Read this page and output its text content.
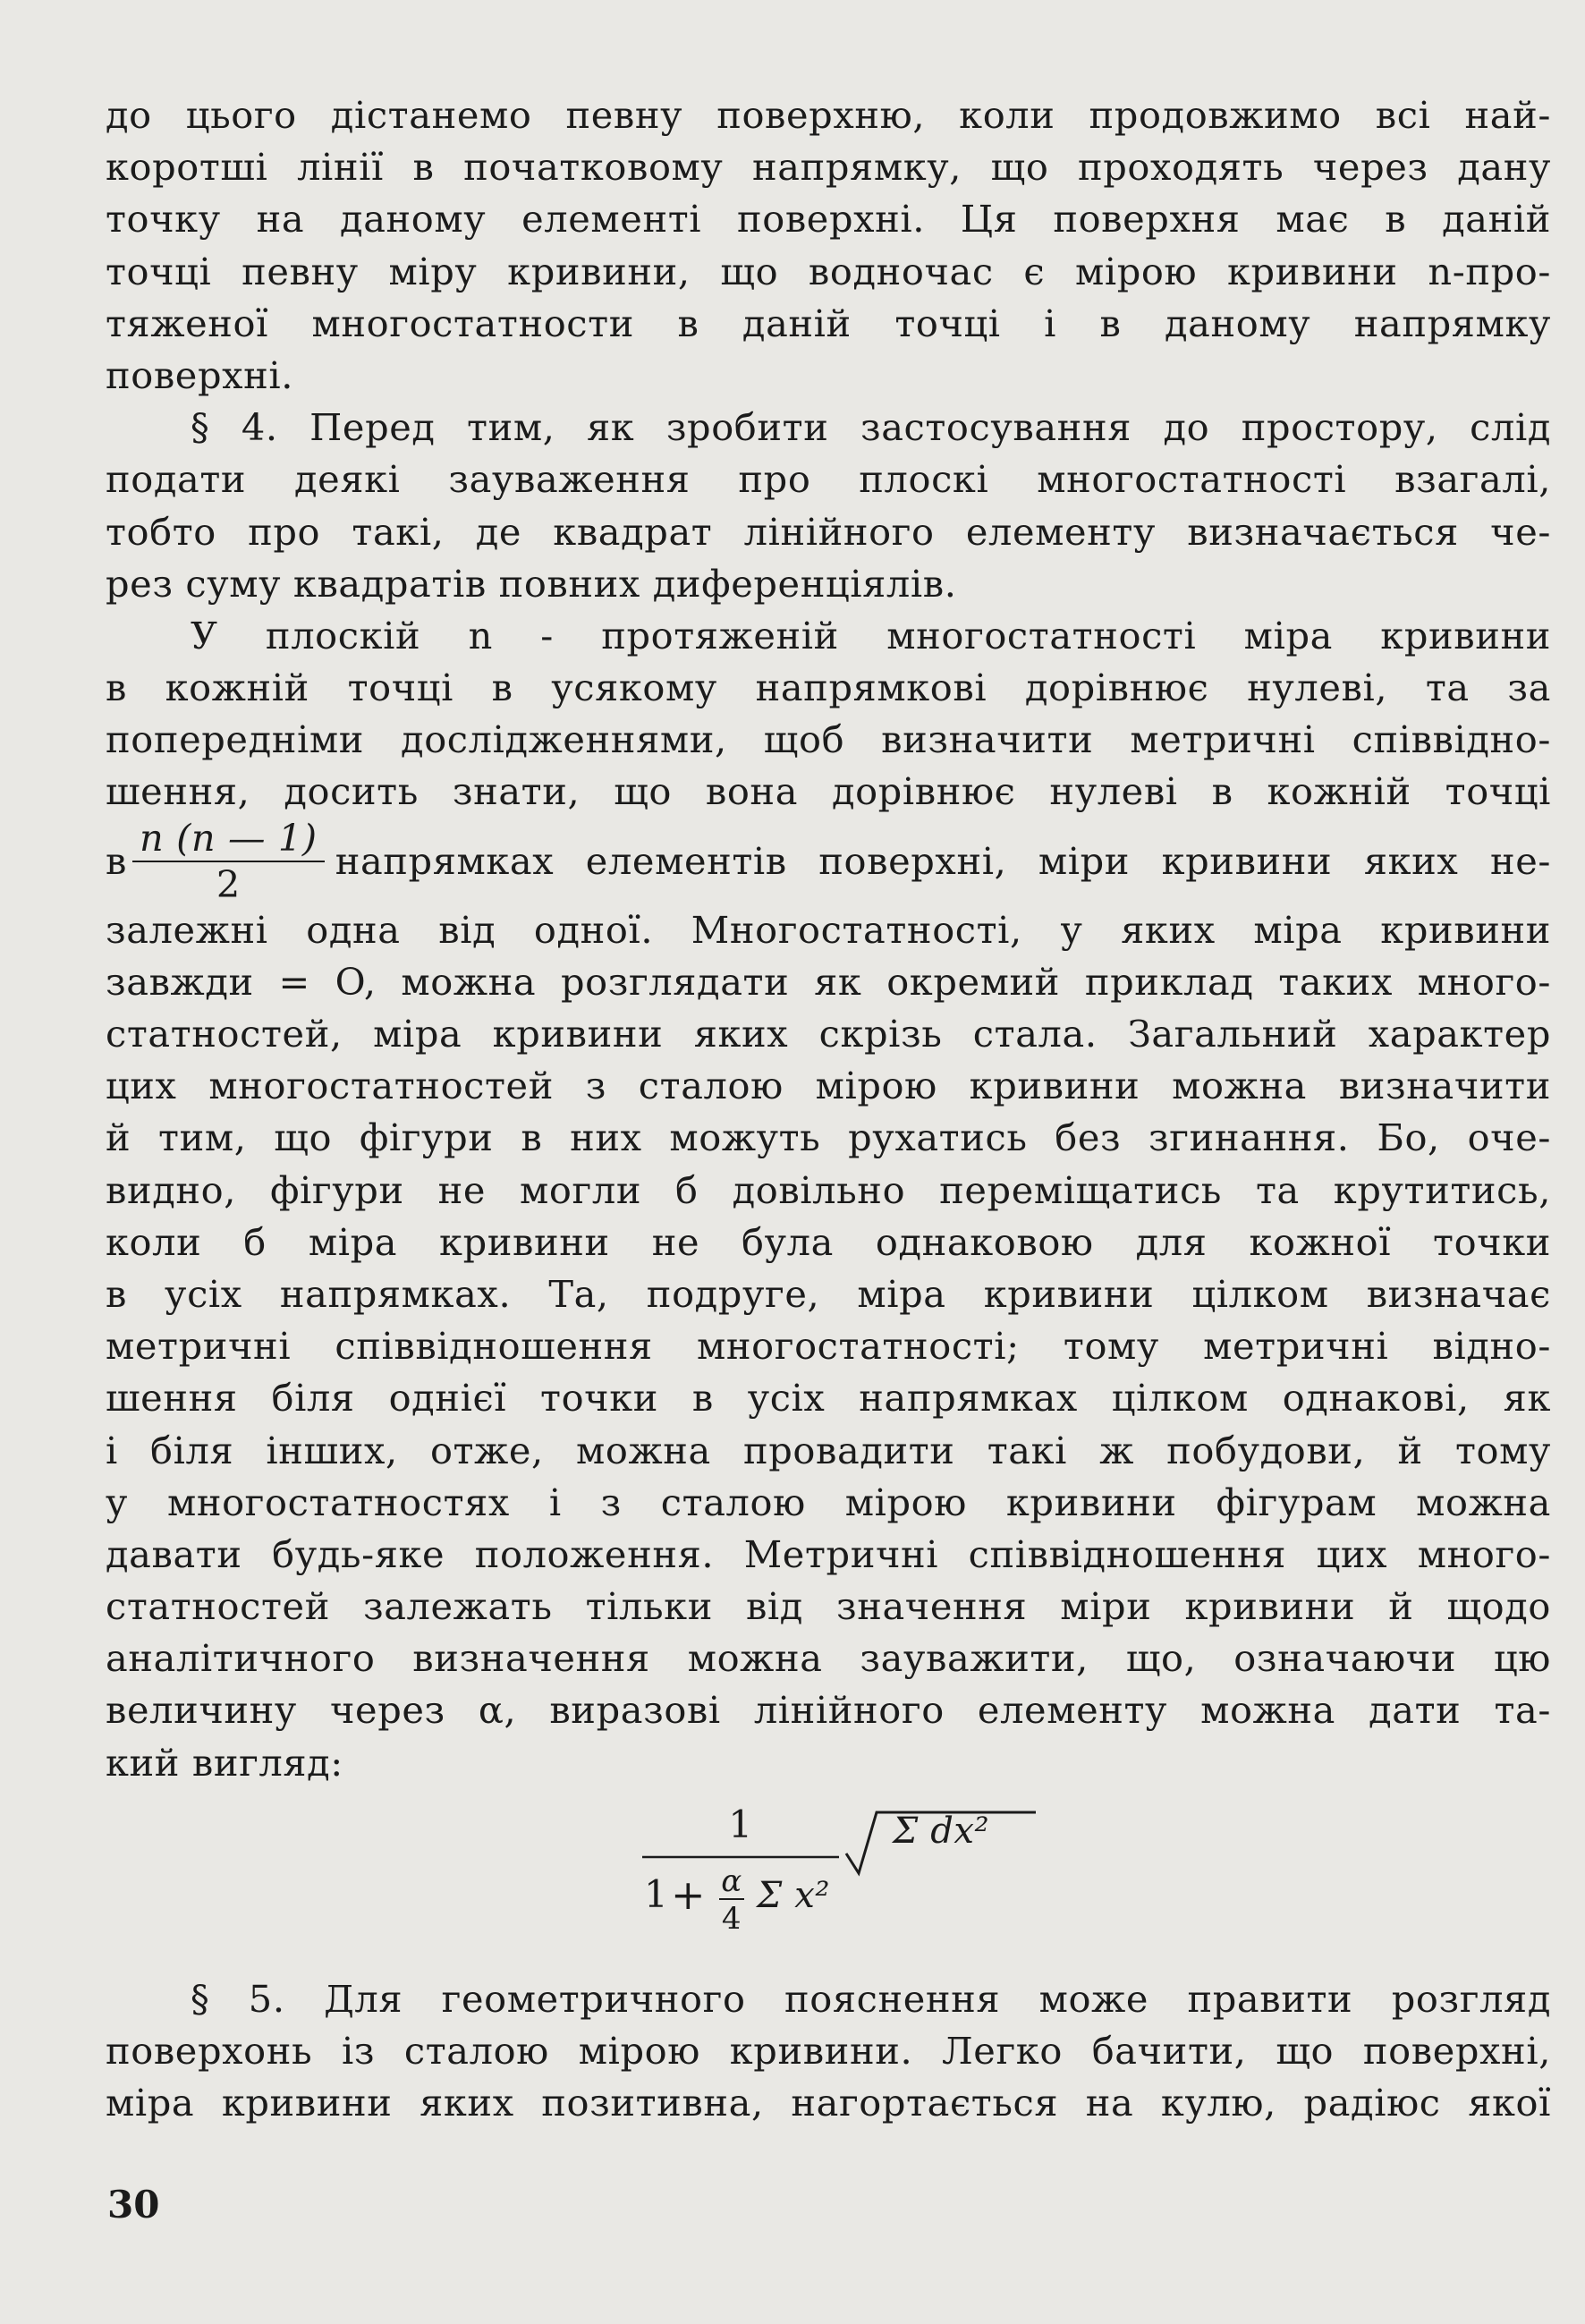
до цього дістанемо певну поверхню, коли продовжимо всі най-
коротші лінії в початковому напрямку, що проходять через дану
точку на даному елементі поверхні. Ця поверхня має в даній
точці певну міру кривини, що водночас є мірою кривини n-про-
тяженої многостатности в даній точці і в даному напрямку
поверхні.
§ 4. Перед тим, як зробити застосування до простору, слід
подати деякі зауваження про плоскі многостатності взагалі,
тобто про такі, де квадрат лінійного елементу визначається че-
рез суму квадратів повних диференціялів.
У плоскій n - протяженій многостатності міра кривини
в кожній точці в усякому напрямкові дорівнює нулеві, та за
попередніми дослідженнями, щоб визначити метричні співвідно-
шення, досить знати, що вона дорівнює нулеві в кожній точці
в $\frac{n (n — 1)}{2}$ напрямках елементів поверхні, міри кривини яких не-
залежні одна від одної. Многостатності, у яких міра кривини
завжди = O, можна розглядати як окремий приклад таких много-
статностей, міра кривини яких скрізь стала. Загальний характер
цих многостатностей з сталою мірою кривини можна визначити
й тим, що фігури в них можуть рухатись без згинання. Бо, оче-
видно, фігури не могли б довільно переміщатись та крутитись,
коли б міра кривини не була однаковою для кожної точки
в усіх напрямках. Та, подруге, міра кривини цілком визначає
метричні співвідношення многостатності; тому метричні відно-
шення біля однієї точки в усіх напрямках цілком однакові, як
і біля інших, отже, можна провадити такі ж побудови, й тому
у многостатностях і з сталою мірою кривини фігурам можна
давати будь-яке положення. Метричні співвідношення цих много-
статностей залежать тільки від значення міри кривини й щодо
аналітичного визначення можна зауважити, що, означаючи цю
величину через α, виразові лінійного елементу можна дати та-
кий вигляд:
1
1 + α
4
Σ x²
Σ dx²
§ 5. Для геометричного пояснення може правити розгляд
поверхонь із сталою мірою кривини. Легко бачити, що поверхні,
міра кривини яких позитивна, нагортається на кулю, радіюс якої
30
